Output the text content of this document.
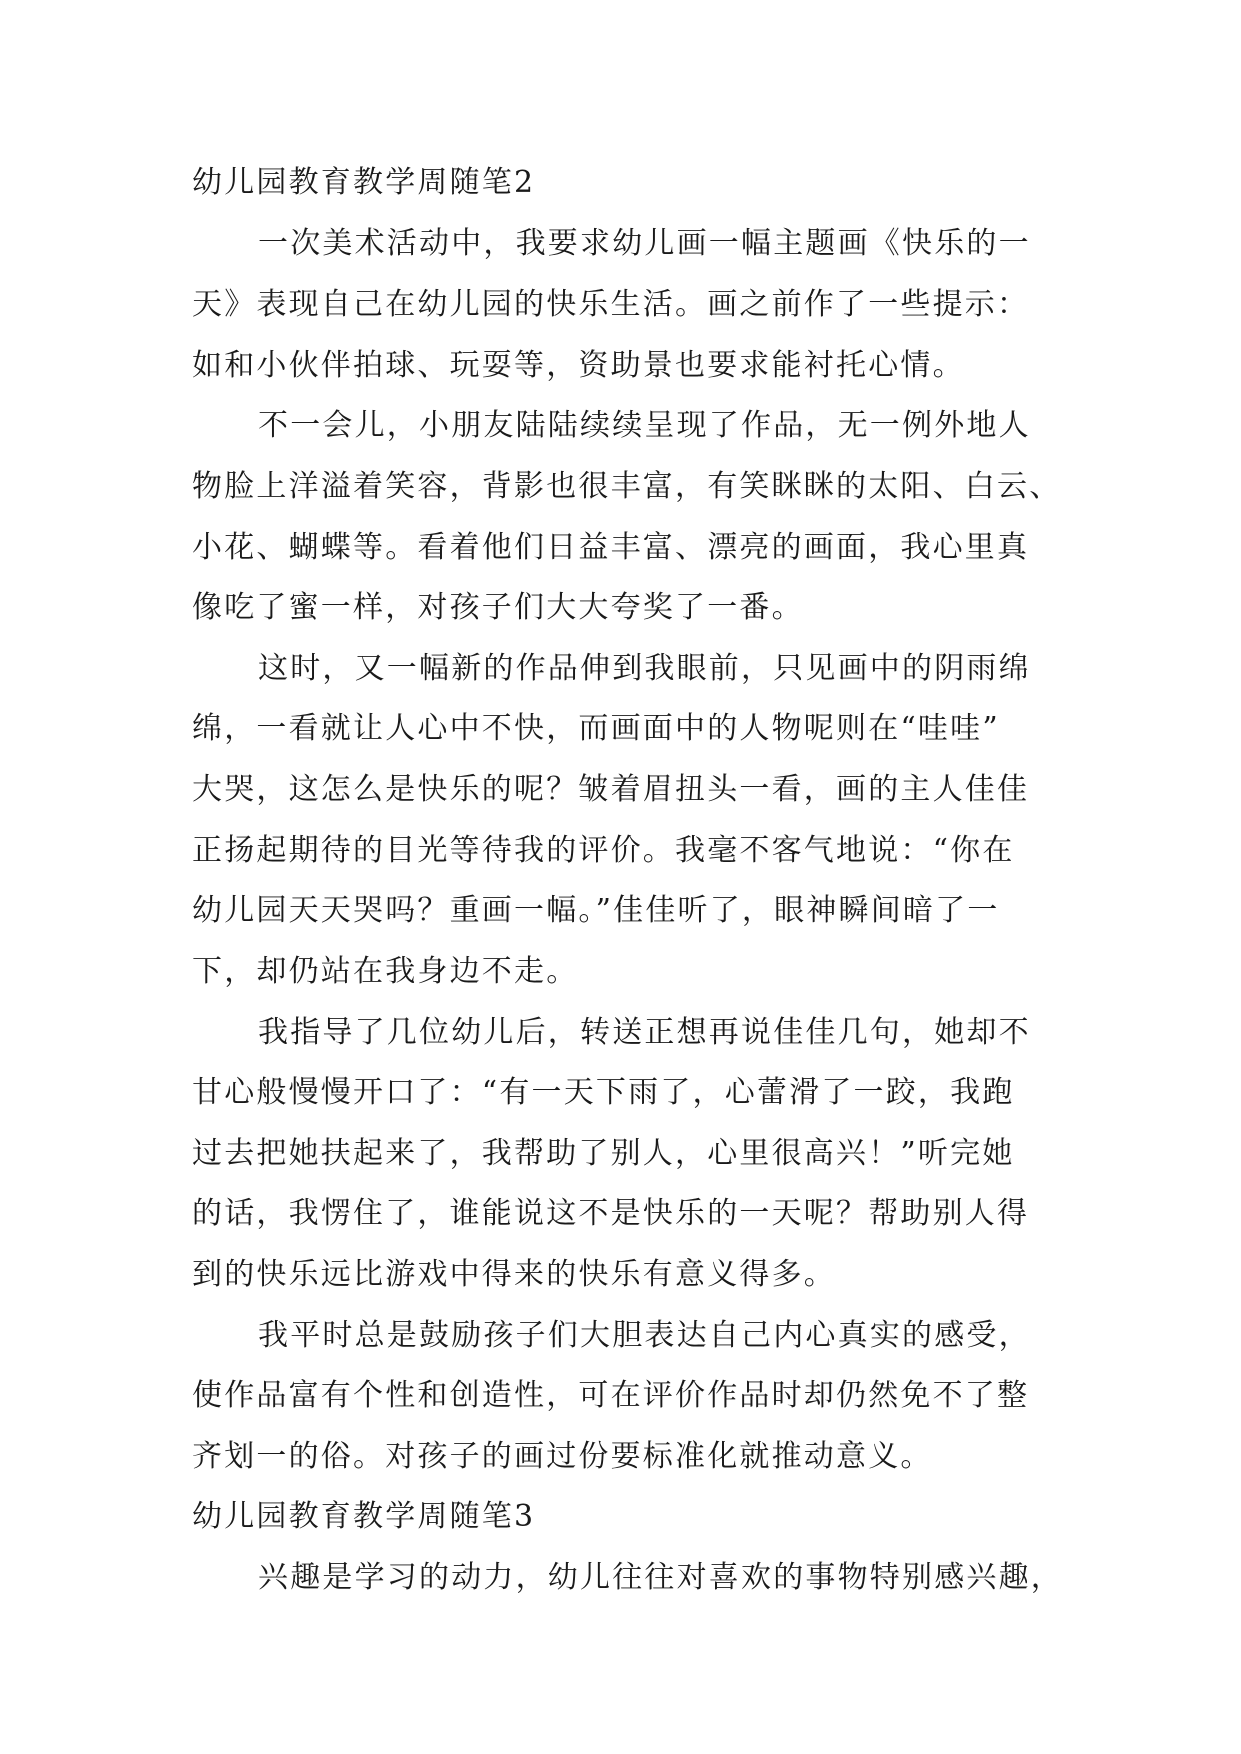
幼儿园教育教学周随笔2
一次美术活动中，我要求幼儿画一幅主题画《快乐的一
天》表现自己在幼儿园的快乐生活。画之前作了一些提示：
如和小伙伴拍球、玩耍等，资助景也要求能衬托心情。
不一会儿，小朋友陆陆续续呈现了作品，无一例外地人
物脸上洋溢着笑容，背影也很丰富，有笑眯眯的太阳、白云、
小花、蝴蝶等。看着他们日益丰富、漂亮的画面，我心里真
像吃了蜜一样，对孩子们大大夸奖了一番。
这时，又一幅新的作品伸到我眼前，只见画中的阴雨绵
绵，一看就让人心中不快，而画面中的人物呢则在“哇哇”
大哭，这怎么是快乐的呢？皱着眉扭头一看，画的主人佳佳
正扬起期待的目光等待我的评价。我毫不客气地说：“你在
幼儿园天天哭吗？重画一幅。”佳佳听了，眼神瞬间暗了一
下，却仍站在我身边不走。
我指导了几位幼儿后，转送正想再说佳佳几句，她却不
甘心般慢慢开口了：“有一天下雨了，心蕾滑了一跤，我跑
过去把她扶起来了，我帮助了别人，心里很高兴！”听完她
的话，我愣住了，谁能说这不是快乐的一天呢？帮助别人得
到的快乐远比游戏中得来的快乐有意义得多。
我平时总是鼓励孩子们大胆表达自己内心真实的感受，
使作品富有个性和创造性，可在评价作品时却仍然免不了整
齐划一的俗。对孩子的画过份要标准化就推动意义。
幼儿园教育教学周随笔3
兴趣是学习的动力，幼儿往往对喜欢的事物特别感兴趣，
